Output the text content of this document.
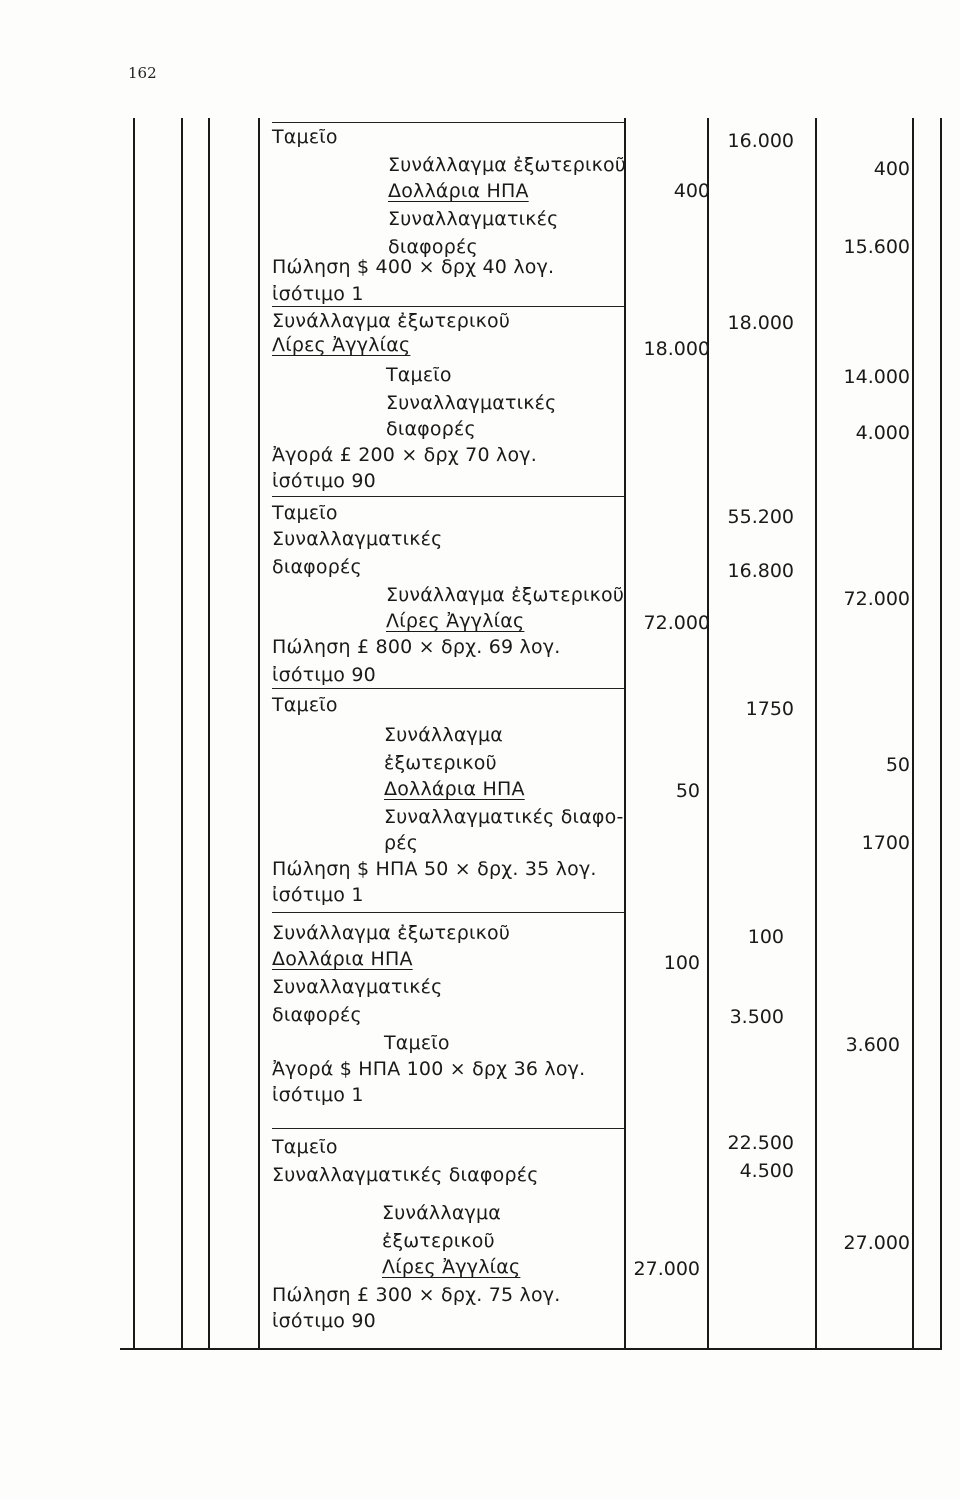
162
Ταμεῖο
Συνάλλαγμα ἐξωτερικοῦ
Δολλάρια ΗΠΑ
Συναλλαγματικές
διαφορές
Πώληση $ 400 × δρχ 40 λογ.
ἰσότιμο 1
400
16.000
400
15.600
Συνάλλαγμα ἐξωτερικοῦ
Λίρες Ἀγγλίας
Ταμεῖο
Συναλλαγματικές
διαφορές
Ἀγορά £ 200 × δρχ 70 λογ.
ἰσότιμο 90
18.000
18.000
14.000
4.000
Ταμεῖο
Συναλλαγματικές
διαφορές
Συνάλλαγμα ἐξωτερικοῦ
Λίρες Ἀγγλίας
Πώληση £ 800 × δρχ. 69 λογ.
ἰσότιμο 90
55.200
16.800
72.000
72.000
Ταμεῖο
Συνάλλαγμα
ἐξωτερικοῦ
Δολλάρια ΗΠΑ
Συναλλαγματικές διαφο-
ρές
Πώληση $ ΗΠΑ 50 × δρχ. 35 λογ.
ἰσότιμο 1
1750
50
50
1700
Συνάλλαγμα ἐξωτερικοῦ
Δολλάρια ΗΠΑ
Συναλλαγματικές
διαφορές
Ταμεῖο
Ἀγορά $ ΗΠΑ 100 × δρχ 36 λογ.
ἰσότιμο 1
100
100
3.500
3.600
Ταμεῖο
Συναλλαγματικές διαφορές
Συνάλλαγμα
ἐξωτερικοῦ
Λίρες Ἀγγλίας
Πώληση £ 300 × δρχ. 75 λογ.
ἰσότιμο 90
22.500
4.500
27.000
27.000
